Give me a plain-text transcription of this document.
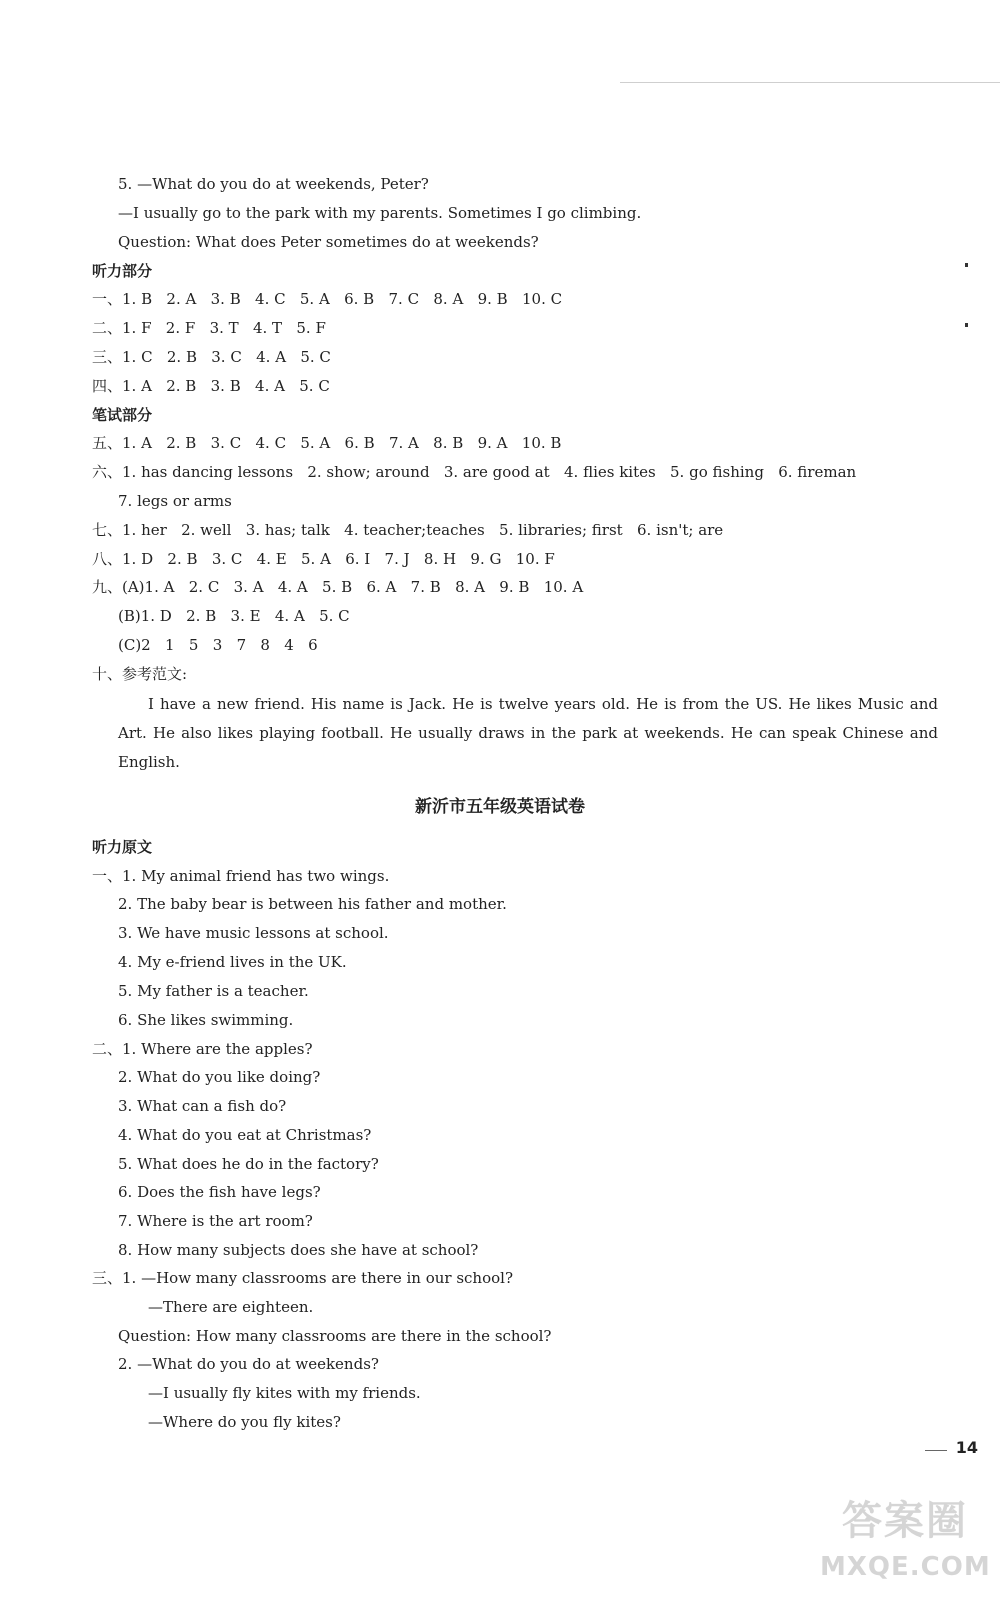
5. —What do you do at weekends, Peter?
—I usually go to the park with my parents. Sometimes I go climbing.
Question: What does Peter sometimes do at weekends?
听力部分
一、1. B   2. A   3. B   4. C   5. A   6. B   7. C   8. A   9. B   10. C
二、1. F   2. F   3. T   4. T   5. F
三、1. C   2. B   3. C   4. A   5. C
四、1. A   2. B   3. B   4. A   5. C
笔试部分
五、1. A   2. B   3. C   4. C   5. A   6. B   7. A   8. B   9. A   10. B
六、1. has dancing lessons   2. show; around   3. are good at   4. flies kites   5. go fishing   6. fireman
7. legs or arms
七、1. her   2. well   3. has; talk   4. teacher;teaches   5. libraries; first   6. isn't; are
八、1. D   2. B   3. C   4. E   5. A   6. I   7. J   8. H   9. G   10. F
九、(A)1. A   2. C   3. A   4. A   5. B   6. A   7. B   8. A   9. B   10. A
(B)1. D   2. B   3. E   4. A   5. C
(C)2   1   5   3   7   8   4   6
十、参考范文:
听力原文
一、1. My animal friend has two wings.
2. The baby bear is between his father and mother.
3. We have music lessons at school.
4. My e-friend lives in the UK.
5. My father is a teacher.
6. She likes swimming.
二、1. Where are the apples?
2. What do you like doing?
3. What can a fish do?
4. What do you eat at Christmas?
5. What does he do in the factory?
6. Does the fish have legs?
7. Where is the art room?
8. How many subjects does she have at school?
三、1. —How many classrooms are there in our school?
—There are eighteen.
Question: How many classrooms are there in the school?
2. —What do you do at weekends?
—I usually fly kites with my friends.
—Where do you fly kites?
I have a new friend. His name is Jack. He is twelve years old. He is from the US. He likes Music and Art. He also likes playing football. He usually draws in the park at weekends. He can speak Chinese and English.
新沂市五年级英语试卷
14
答案圈
MXQE.COM
